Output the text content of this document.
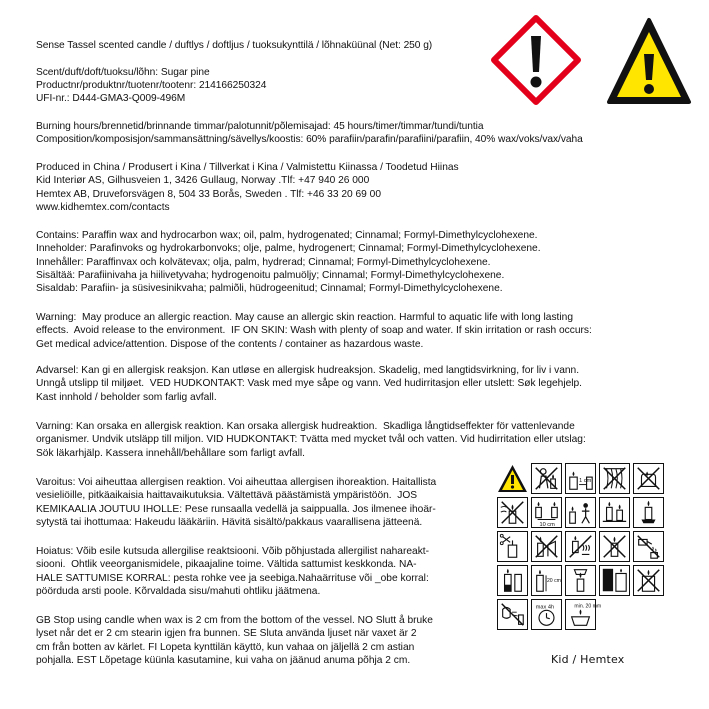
Sense Tassel scented candle / duftlys / doftljus / tuoksukynttilä / lõhnaküünal (Net: 250 g)
Scent/duft/doft/tuoksu/lõhn: Sugar pine
Productnr/produktnr/tuotenr/tootenr: 214166250324
UFI-nr.: D444-GMA3-Q009-496M
Burning hours/brennetid/brinnande timmar/palotunnit/põlemisajad: 45 hours/timer/timmar/tundi/tuntia
Composition/komposisjon/sammansättning/sävellys/koostis: 60% parafiin/parafin/parafiini/parafiin, 40% wax/voks/vax/vaha
Produced in China / Produsert i Kina / Tillverkat i Kina / Valmistettu Kiinassa / Toodetud Hiinas
Kid Interiør AS, Gilhusveien 1, 3426 Gullaug, Norway .Tlf: +47 940 26 000
Hemtex AB, Druveforsvägen 8, 504 33 Borås, Sweden . Tlf: +46 33 20 69 00
www.kidhemtex.com/contacts
Contains: Paraffin wax and hydrocarbon wax; oil, palm, hydrogenated; Cinnamal; Formyl-Dimethylcyclohexene.
Inneholder: Parafinvoks og hydrokarbonvoks; olje, palme, hydrogenert; Cinnamal; Formyl-Dimethylcyclohexene.
Innehåller: Paraffinvax och kolvätevax; olja, palm, hydrerad; Cinnamal; Formyl-Dimethylcyclohexene.
Sisältää: Parafiinivaha ja hiilivetyvaha; hydrogenoitu palmuöljy; Cinnamal; Formyl-Dimethylcyclohexene.
Sisaldab: Parafiin- ja süsivesinikvaha; palmiõli, hüdrogeenitud; Cinnamal; Formyl-Dimethylcyclohexene.
Warning:  May produce an allergic reaction. May cause an allergic skin reaction. Harmful to aquatic life with long lasting
effects.  Avoid release to the environment.  IF ON SKIN: Wash with plenty of soap and water. If skin irritation or rash occurs:
Get medical advice/attention. Dispose of the contents / container as hazardous waste.
Advarsel: Kan gi en allergisk reaksjon. Kan utløse en allergisk hudreaksjon. Skadelig, med langtidsvirkning, for liv i vann.
Unngå utslipp til miljøet.  VED HUDKONTAKT: Vask med mye såpe og vann. Ved hudirritasjon eller utslett: Søk legehjelp.
Kast innhold / beholder som farlig avfall.
Varning: Kan orsaka en allergisk reaktion. Kan orsaka allergisk hudreaktion.  Skadliga långtidseffekter för vattenlevande
organismer. Undvik utsläpp till miljon. VID HUDKONTAKT: Tvätta med mycket tvål och vatten. Vid hudirritation eller utslag:
Sök läkarhjälp. Kassera innehåll/behållare som farligt avfall.
Varoitus: Voi aiheuttaa allergisen reaktion. Voi aiheuttaa allergisen ihoreaktion. Haitallista
vesieliöille, pitkäaikaisia haittavaikutuksia. Vältettävä päästämistä ympäristöön.  JOS
KEMIKAALIA JOUTUU IHOLLE: Pese runsaalla vedellä ja saippualla. Jos ilmenee ihoär-
sytystä tai ihottumaa: Hakeudu lääkäriin. Hävitä sisältö/pakkaus vaarallisena jätteenä.
Hoiatus: Võib esile kutsuda allergilise reaktsiooni. Võib põhjustada allergilist nahareakt-
siooni.  Ohtlik veeorganismidele, pikaajaline toime. Vältida sattumist keskkonda. NA-
HALE SATTUMISE KORRAL: pesta rohke vee ja seebiga.Nahaärrituse või _obe korral:
pöörduda arsti poole. Kõrvaldada sisu/mahuti ohtliku jäätmena.
GB Stop using candle when wax is 2 cm from the bottom of the vessel. NO Slutt å bruke
lyset når det er 2 cm stearin igjen fra bunnen. SE Sluta använda ljuset när vaxet är 2
cm från botten av kärlet. FI Lopeta kynttilän käyttö, kun vahaa on jäljellä 2 cm astian
pohjalla. EST Lõpetage küünla kasutamine, kui vaha on jäänud anuma põhja 2 cm.
1 cm
10 cm
20 cm
max 4h	min. 20 mm
Kid / Hemtex
